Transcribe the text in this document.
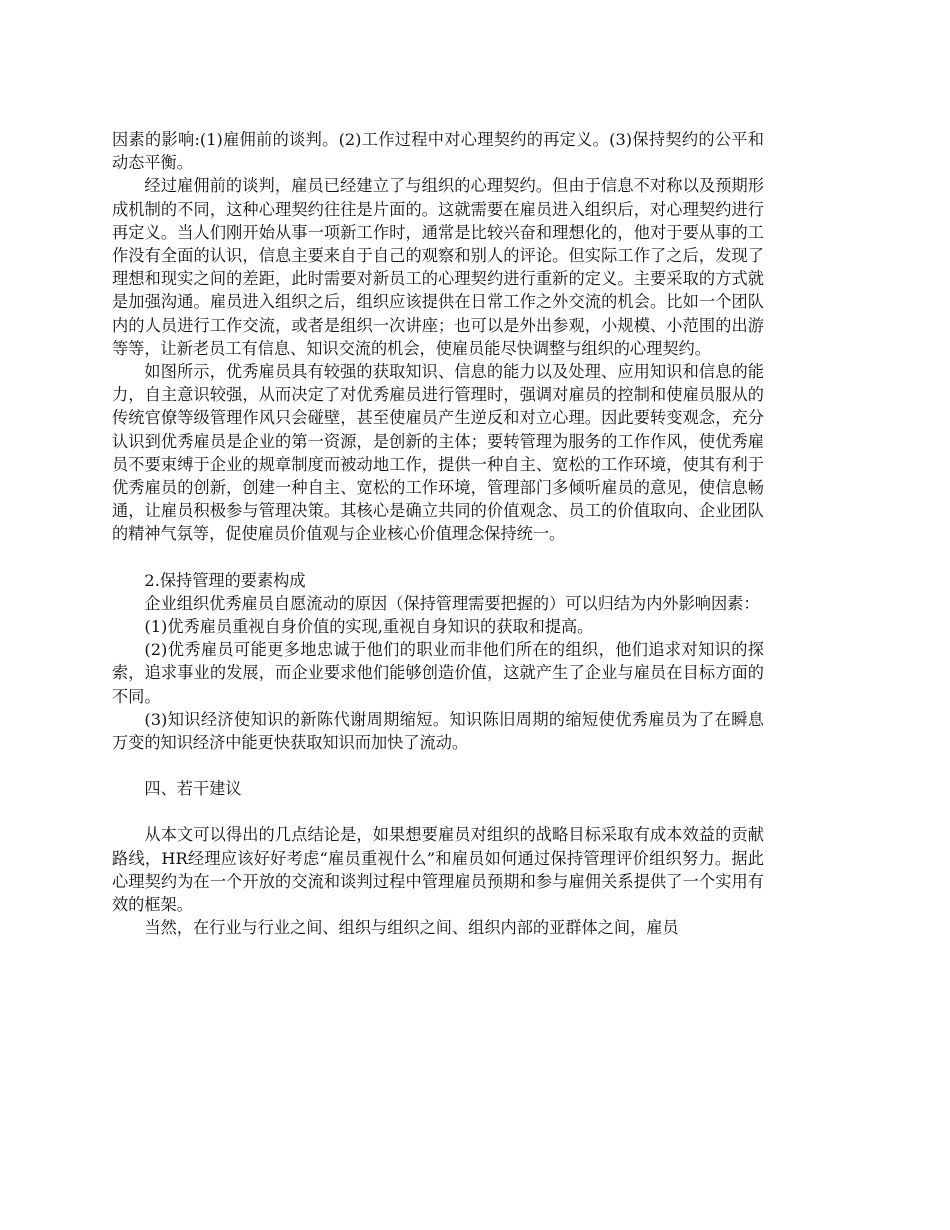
因素的影响:(1)雇佣前的谈判。(2)工作过程中对心理契约的再定义。(3)保持契约的公平和动态平衡。

经过雇佣前的谈判，雇员已经建立了与组织的心理契约。但由于信息不对称以及预期形成机制的不同，这种心理契约往往是片面的。这就需要在雇员进入组织后，对心理契约进行再定义。当人们刚开始从事一项新工作时，通常是比较兴奋和理想化的，他对于要从事的工作没有全面的认识，信息主要来自于自己的观察和别人的评论。但实际工作了之后，发现了理想和现实之间的差距，此时需要对新员工的心理契约进行重新的定义。主要采取的方式就是加强沟通。雇员进入组织之后，组织应该提供在日常工作之外交流的机会。比如一个团队内的人员进行工作交流，或者是组织一次讲座；也可以是外出参观，小规模、小范围的出游等等，让新老员工有信息、知识交流的机会，使雇员能尽快调整与组织的心理契约。

如图所示，优秀雇员具有较强的获取知识、信息的能力以及处理、应用知识和信息的能力，自主意识较强，从而决定了对优秀雇员进行管理时，强调对雇员的控制和使雇员服从的传统官僚等级管理作风只会碰壁，甚至使雇员产生逆反和对立心理。因此要转变观念，充分认识到优秀雇员是企业的第一资源，是创新的主体；要转管理为服务的工作作风，使优秀雇员不要束缚于企业的规章制度而被动地工作，提供一种自主、宽松的工作环境，使其有利于优秀雇员的创新，创建一种自主、宽松的工作环境，管理部门多倾听雇员的意见，使信息畅通，让雇员积极参与管理决策。其核心是确立共同的价值观念、员工的价值取向、企业团队的精神气氛等，促使雇员价值观与企业核心价值理念保持统一。

2.保持管理的要素构成

企业组织优秀雇员自愿流动的原因（保持管理需要把握的）可以归结为内外影响因素：

(1)优秀雇员重视自身价值的实现,重视自身知识的获取和提高。

(2)优秀雇员可能更多地忠诚于他们的职业而非他们所在的组织，他们追求对知识的探索，追求事业的发展，而企业要求他们能够创造价值，这就产生了企业与雇员在目标方面的不同。

(3)知识经济使知识的新陈代谢周期缩短。知识陈旧周期的缩短使优秀雇员为了在瞬息万变的知识经济中能更快获取知识而加快了流动。

四、若干建议

从本文可以得出的几点结论是，如果想要雇员对组织的战略目标采取有成本效益的贡献路线，HR经理应该好好考虑“雇员重视什么”和雇员如何通过保持管理评价组织努力。据此心理契约为在一个开放的交流和谈判过程中管理雇员预期和参与雇佣关系提供了一个实用有效的框架。

当然，在行业与行业之间、组织与组织之间、组织内部的亚群体之间，雇员
